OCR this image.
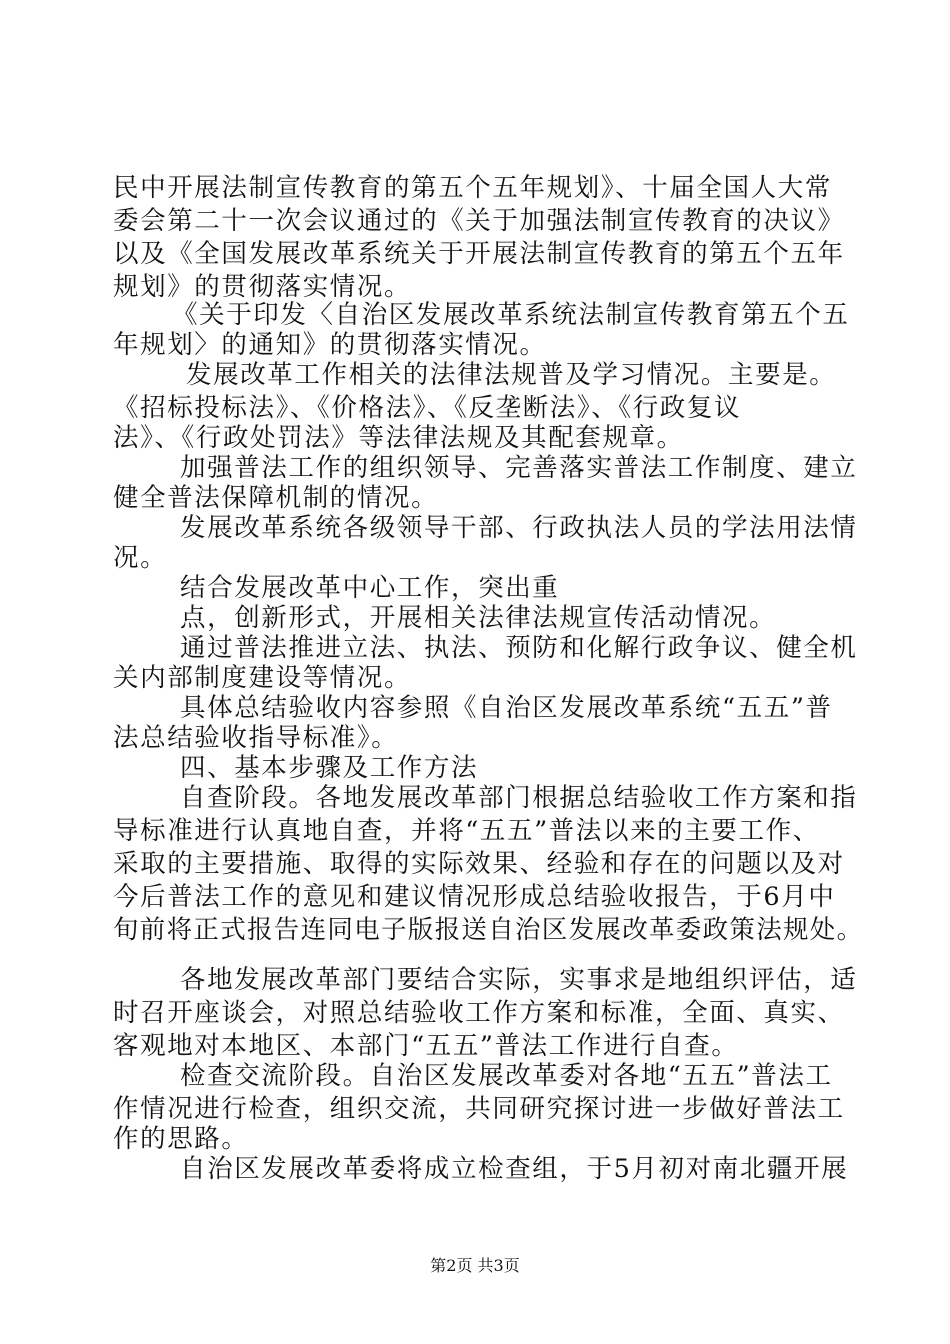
民中开展法制宣传教育的第五个五年规划》、十届全国人大常

委会第二十一次会议通过的《关于加强法制宣传教育的决议》

以及《全国发展改革系统关于开展法制宣传教育的第五个五年

规划》的贯彻落实情况。

《关于印发〈自治区发展改革系统法制宣传教育第五个五

年规划〉的通知》的贯彻落实情况。

发展改革工作相关的法律法规普及学习情况。主要是。

《招标投标法》、《价格法》、《反垄断法》、《行政复议

法》、《行政处罚法》等法律法规及其配套规章。

加强普法工作的组织领导、完善落实普法工作制度、建立

健全普法保障机制的情况。

发展改革系统各级领导干部、行政执法人员的学法用法情

况。

结合发展改革中心工作，突出重

点，创新形式，开展相关法律法规宣传活动情况。

通过普法推进立法、执法、预防和化解行政争议、健全机

关内部制度建设等情况。

具体总结验收内容参照《自治区发展改革系统“五五”普

法总结验收指导标准》。

四、基本步骤及工作方法

自查阶段。各地发展改革部门根据总结验收工作方案和指

导标准进行认真地自查，并将“五五”普法以来的主要工作、

采取的主要措施、取得的实际效果、经验和存在的问题以及对

今后普法工作的意见和建议情况形成总结验收报告，于6月中

旬前将正式报告连同电子版报送自治区发展改革委政策法规处。

各地发展改革部门要结合实际，实事求是地组织评估，适

时召开座谈会，对照总结验收工作方案和标准，全面、真实、

客观地对本地区、本部门“五五”普法工作进行自查。

检查交流阶段。自治区发展改革委对各地“五五”普法工

作情况进行检查，组织交流，共同研究探讨进一步做好普法工

作的思路。

自治区发展改革委将成立检查组，于5月初对南北疆开展

第2页 共3页
